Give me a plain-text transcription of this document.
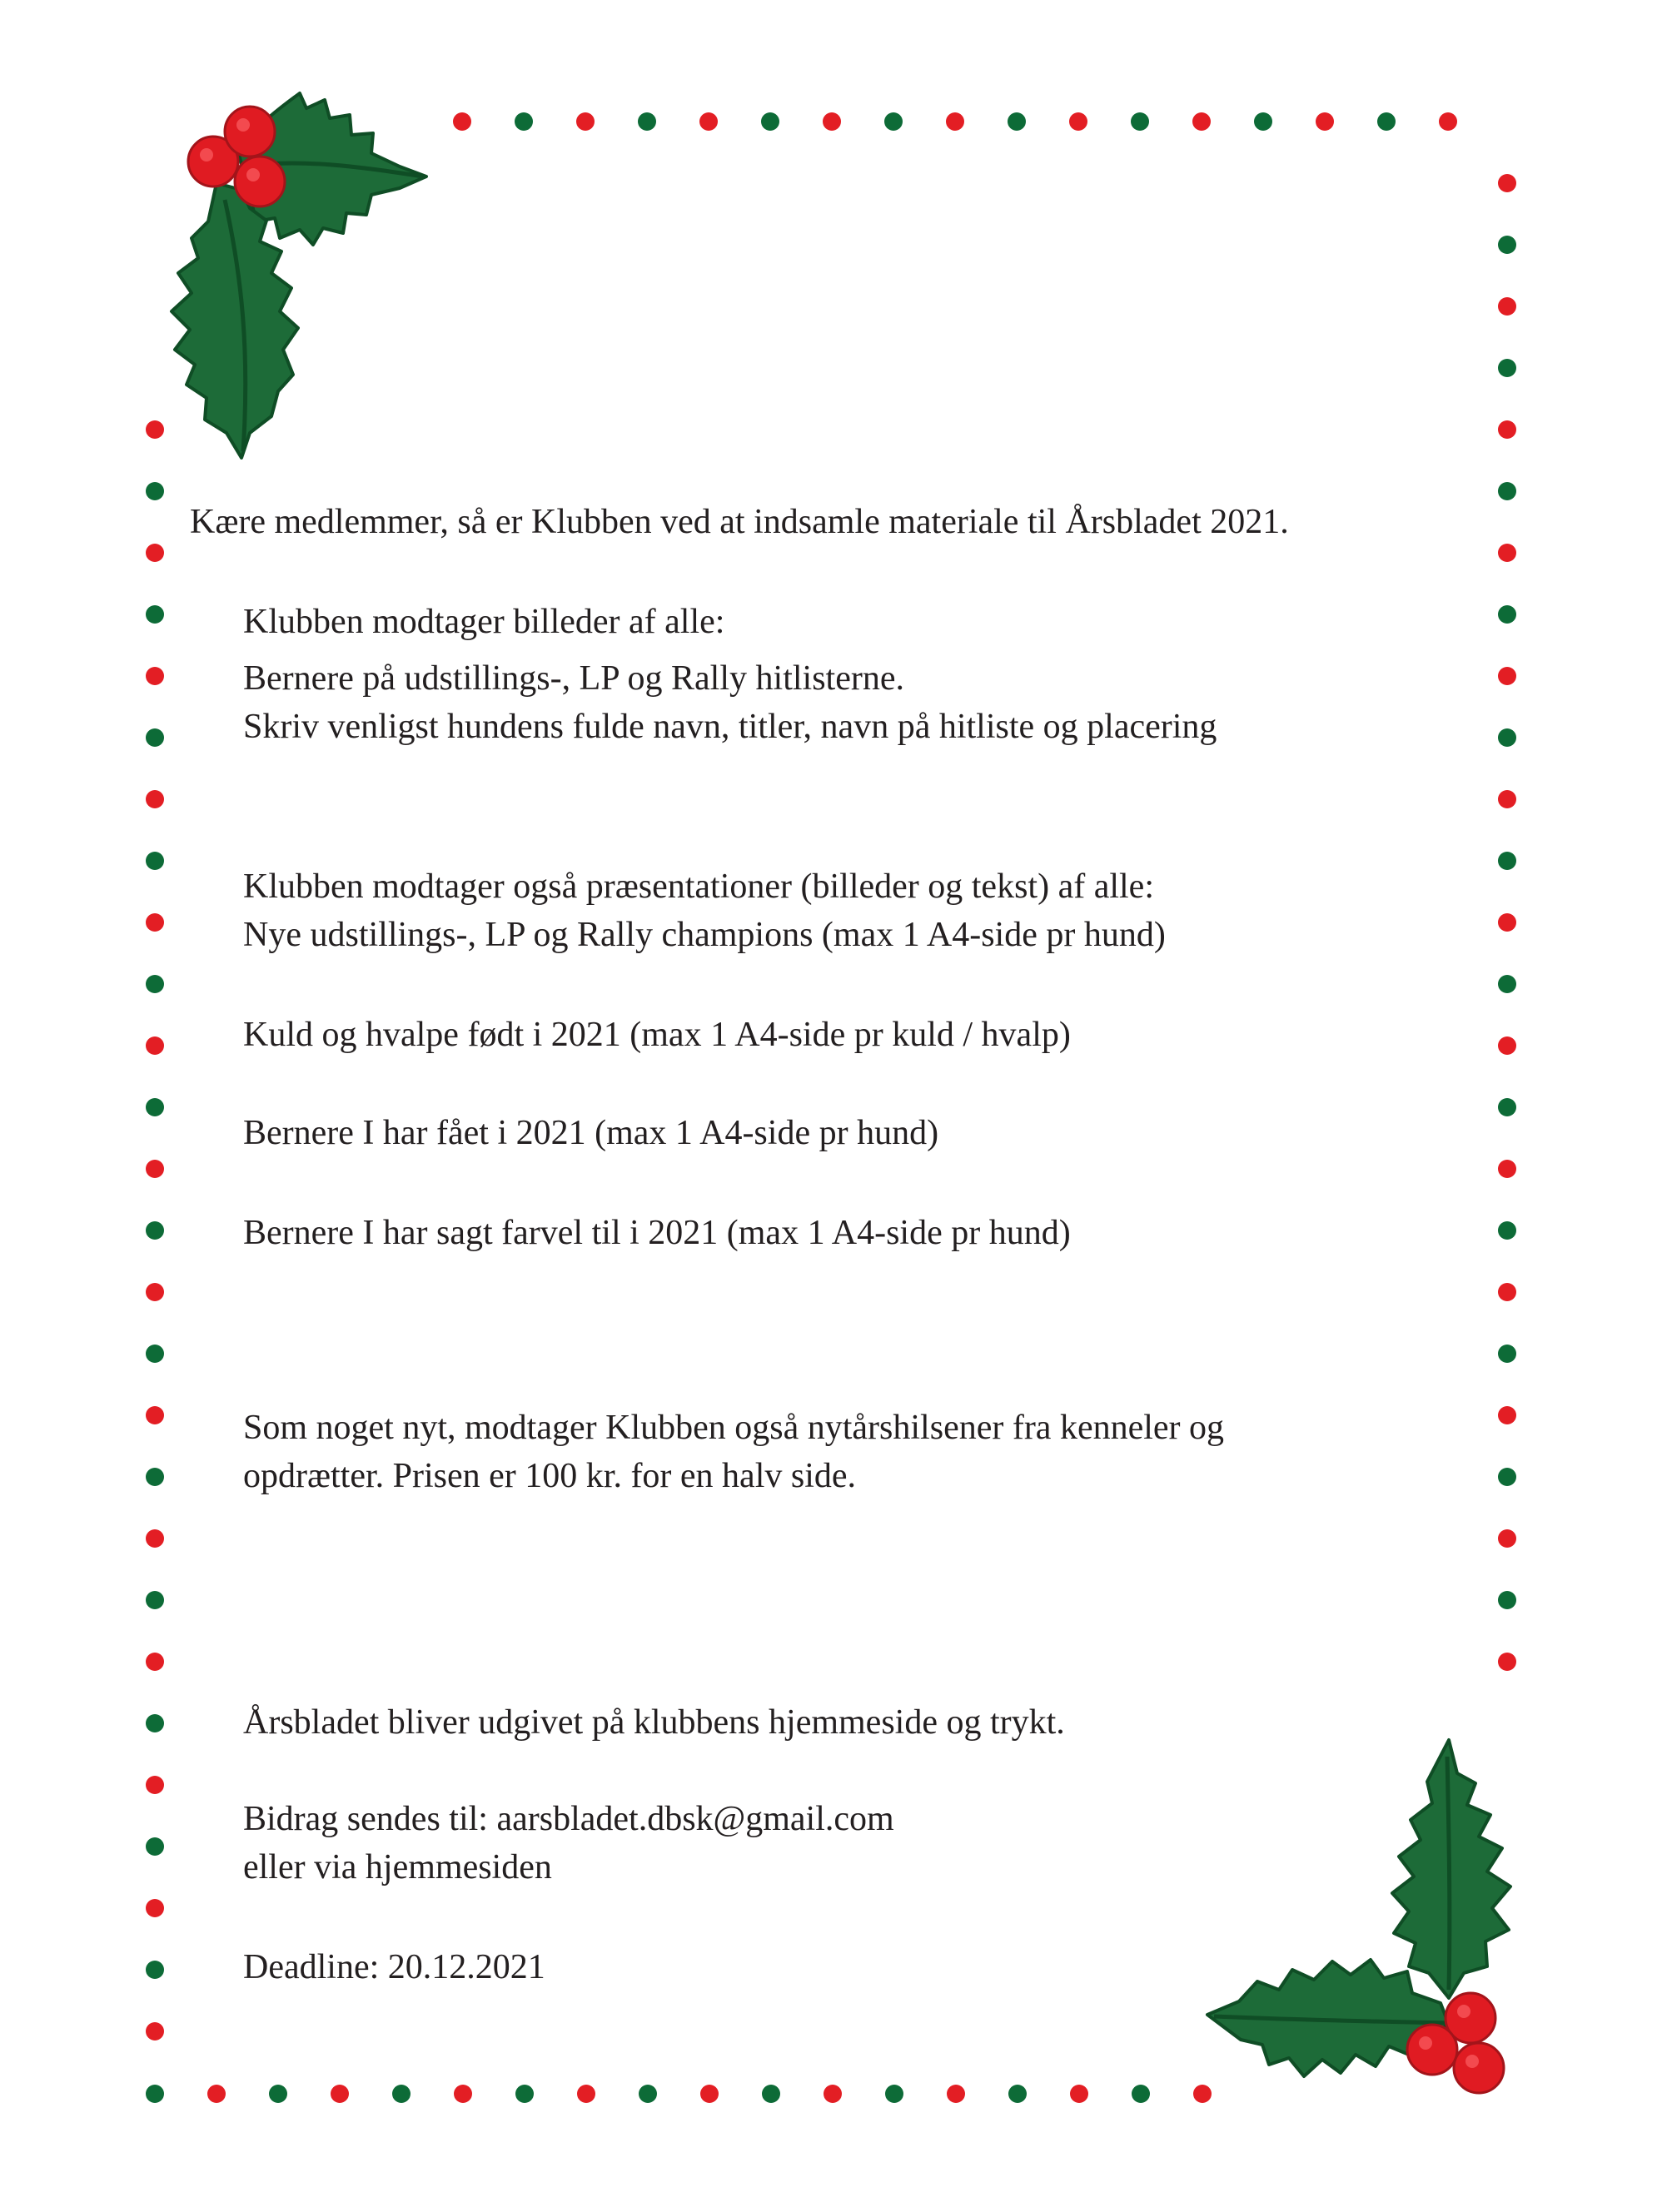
Kære medlemmer, så er Klubben ved at indsamle materiale til Årsbladet 2021.
Klubben modtager billeder af alle:
Bernere på udstillings-, LP og Rally hitlisterne.
Skriv venligst hundens fulde navn, titler, navn på hitliste og placering
Klubben modtager også præsentationer (billeder og tekst) af alle:
Nye udstillings-, LP og Rally champions (max 1 A4-side pr hund)
Kuld og hvalpe født i 2021 (max 1 A4-side pr kuld / hvalp)
Bernere I har fået i 2021 (max 1 A4-side pr hund)
Bernere I har sagt farvel til i 2021 (max 1 A4-side pr hund)
Som noget nyt, modtager Klubben også nytårshilsener fra kenneler og
opdrætter. Prisen er 100 kr. for en halv side.
Årsbladet bliver udgivet på klubbens hjemmeside og trykt.
Bidrag sendes til: aarsbladet.dbsk@gmail.com
eller via hjemmesiden
Deadline: 20.12.2021
